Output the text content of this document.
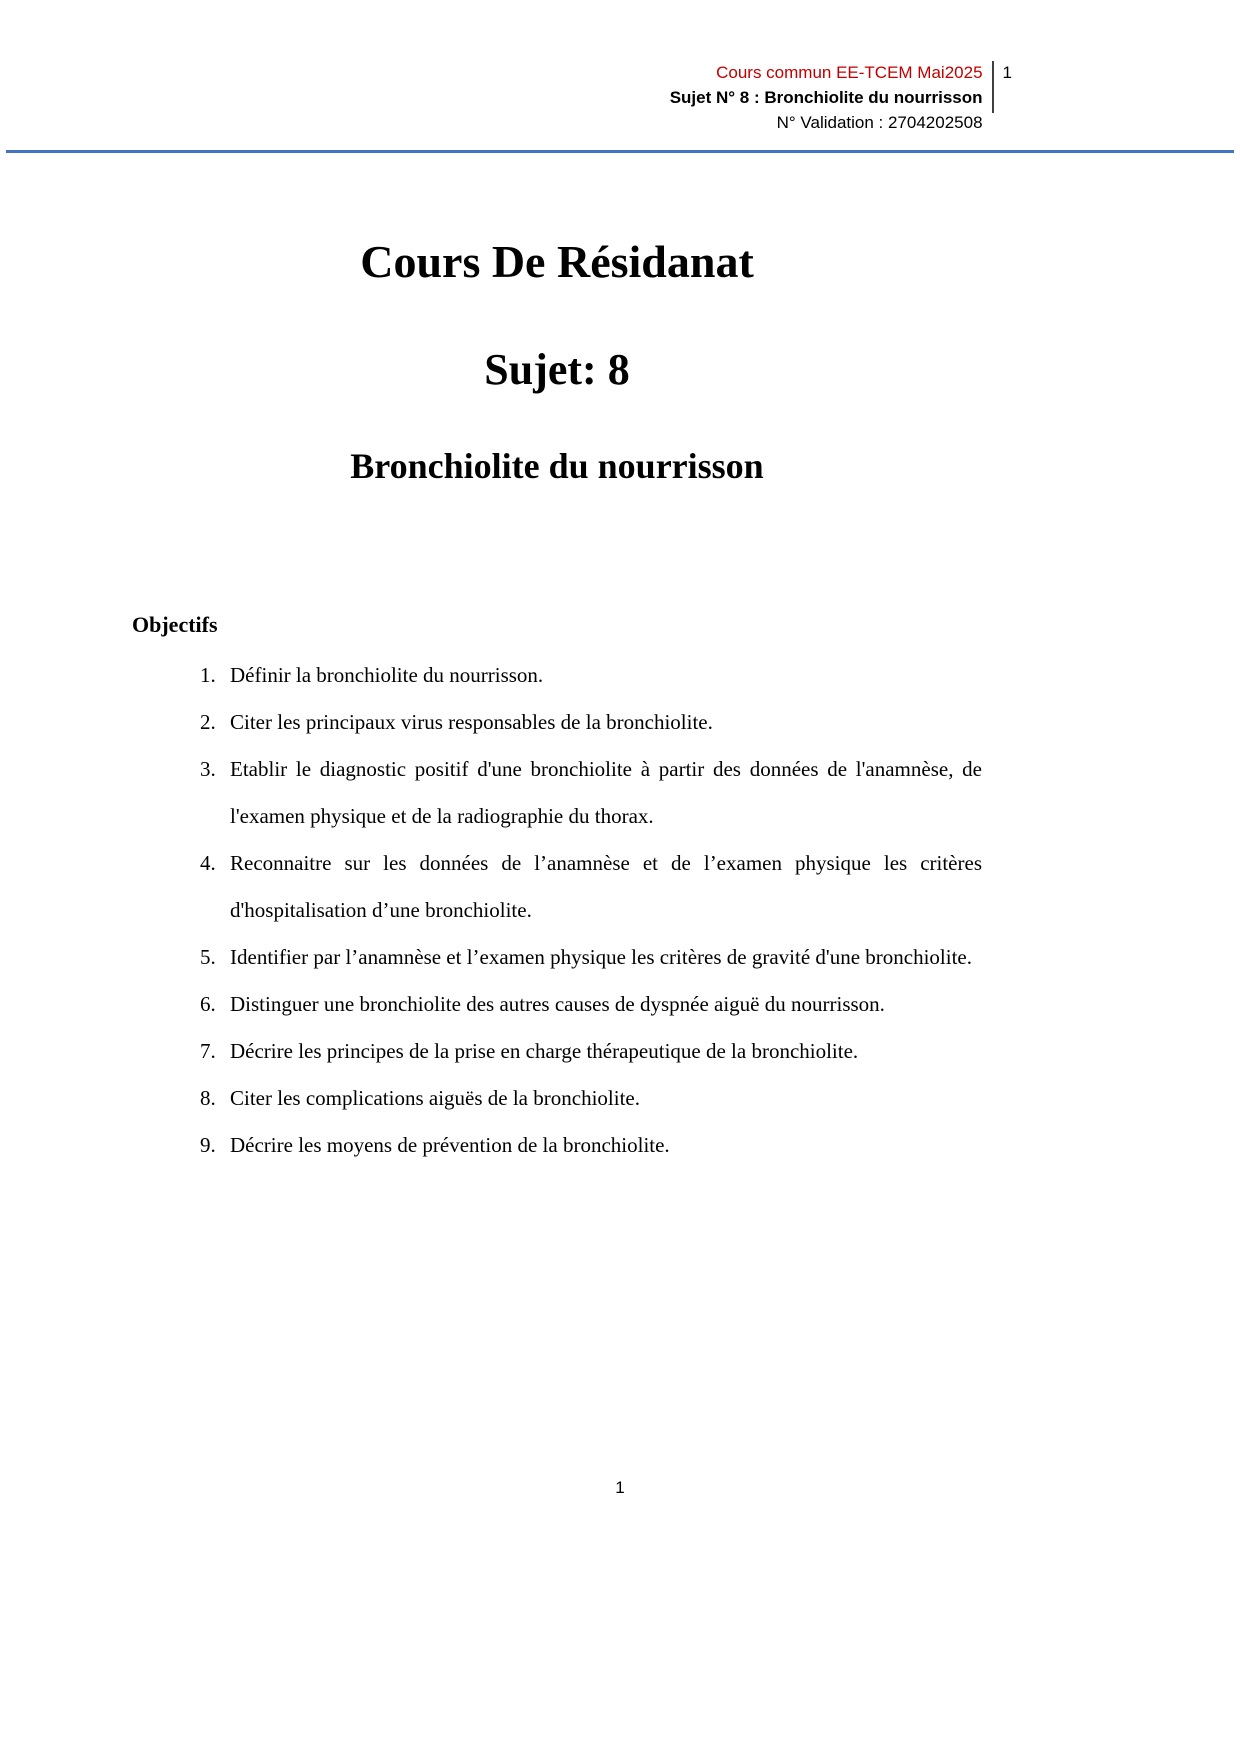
Cours commun EE-TCEM Mai2025
Sujet N° 8 : Bronchiolite du nourrisson
N° Validation : 2704202508
1
Cours De Résidanat
Sujet: 8
Bronchiolite du nourrisson
Objectifs
1. Définir la bronchiolite du nourrisson.
2. Citer les principaux virus responsables de la bronchiolite.
3. Etablir le diagnostic positif d'une bronchiolite à partir des données de l'anamnèse, de l'examen physique et de la radiographie du thorax.
4. Reconnaitre sur les données de l’anamnèse et de l’examen physique les critères d'hospitalisation d’une bronchiolite.
5. Identifier par l’anamnèse et l’examen physique les critères de gravité d'une bronchiolite.
6. Distinguer une bronchiolite des autres causes de dyspnée aiguë du nourrisson.
7. Décrire les principes de la prise en charge thérapeutique de la bronchiolite.
8. Citer les complications aiguës de la bronchiolite.
9. Décrire les moyens de prévention de la bronchiolite.
1
